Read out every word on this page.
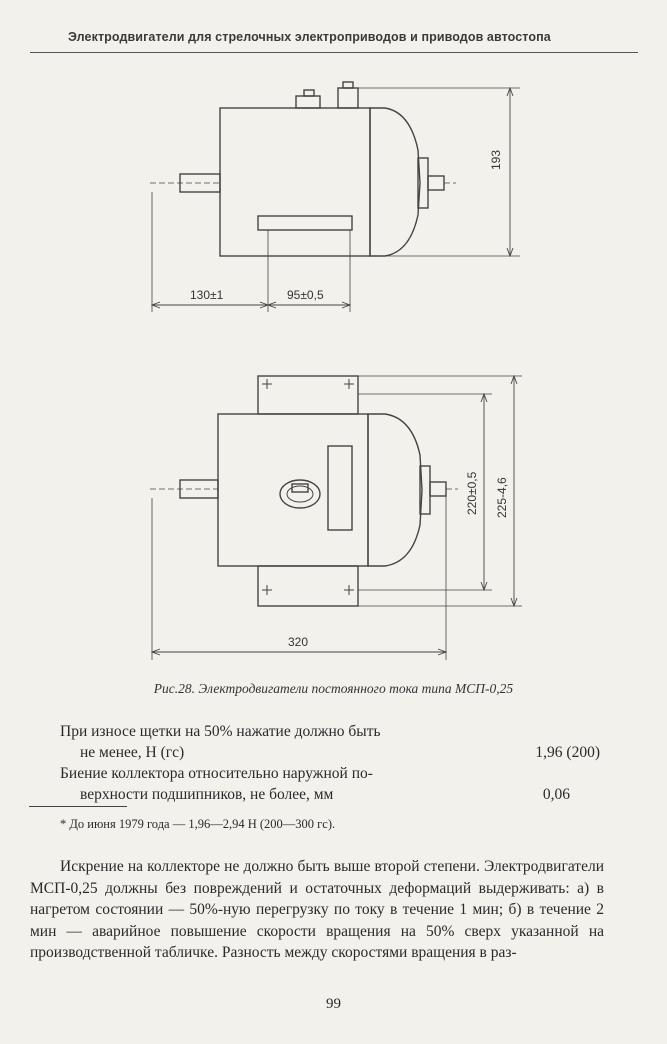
Электродвигатели для стрелочных электроприводов и приводов автостопа
193
130±1	95±0,5
220±0,5 225-4,6
320
Рис.28. Электродвигатели постоянного тока типа МСП-0,25
При износе щетки на 50% нажатие должно быть
не менее, Н (гс)	1,96 (200)
Биение коллектора относительно наружной по-
верхности подшипников, не более, мм	0,06
* До июня 1979 года — 1,96—2,94 Н (200—300 гс).
Искрение на коллекторе не должно быть выше второй степени. Электродвигатели МСП-0,25 должны без повреждений и остаточных деформаций выдерживать: а) в нагретом состоянии — 50%-ную перегрузку по току в течение 1 мин; б) в течение 2 мин — аварийное повышение скорости вращения на 50% сверх указанной на производственной табличке. Разность между скоростями вращения в раз-
99
